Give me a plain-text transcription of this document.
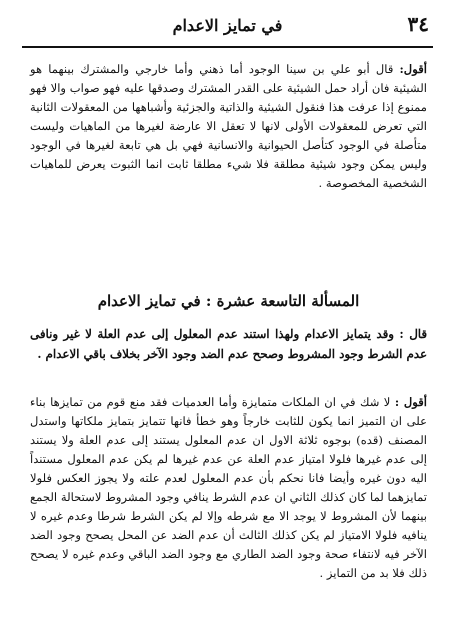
٣٤
في تمايز الاعدام

أقول: قال أبو علي بن سينا الوجود أما ذهني وأما خارجي والمشترك بينهما هو الشيئية فان أراد حمل الشيئية على القدر المشترك وصدقها عليه فهو صواب والا فهو ممنوع إذا عرفت هذا فنقول الشيئية والذاتية والجزئية وأشباهها من المعقولات الثانية التي تعرض للمعقولات الأولى لانها لا تعقل الا عارضة لغيرها من الماهيات وليست متأصلة في الوجود كتأصل الحيوانية والانسانية فهي بل هي تابعة لغيرها في الوجود وليس يمكن وجود شيئية مطلقة فلا شيء مطلقا ثابت انما الثبوت يعرض للماهيات الشخصية المخصوصة .

المسألة التاسعة عشرة : في تمايز الاعدام

قال : وقد يتمايز الاعدام ولهذا استند عدم المعلول إلى عدم العلة لا غير ونافى عدم الشرط وجود المشروط وصحح عدم الضد وجود الآخر بخلاف باقي الاعدام .

أقول : لا شك في ان الملكات متمايزة وأما العدميات فقد منع قوم من تمايزها بناء على ان التميز انما يكون للثابت خارجاً وهو خطأ فانها تتمايز بتمايز ملكاتها واستدل المصنف (قده) بوجوه ثلاثة الاول ان عدم المعلول يستند إلى عدم العلة ولا يستند إلى عدم غيرها فلولا امتياز عدم العلة عن عدم غيرها لم يكن عدم المعلول مستنداً اليه دون غيره وأيضا فانا نحكم بأن عدم المعلول لعدم علته ولا يجوز العكس فلولا تمايزهما لما كان كذلك الثاني ان عدم الشرط ينافي وجود المشروط لاستحالة الجمع بينهما لأن المشروط لا يوجد الا مع شرطه وإلا لم يكن الشرط شرطا وعدم غيره لا ينافيه فلولا الامتياز لم يكن كذلك الثالث أن عدم الضد عن المحل يصحح وجود الضد الآخر فيه لانتفاء صحة وجود الضد الطاري مع وجود الضد الباقي وعدم غيره لا يصحح ذلك فلا بد من التمايز .
